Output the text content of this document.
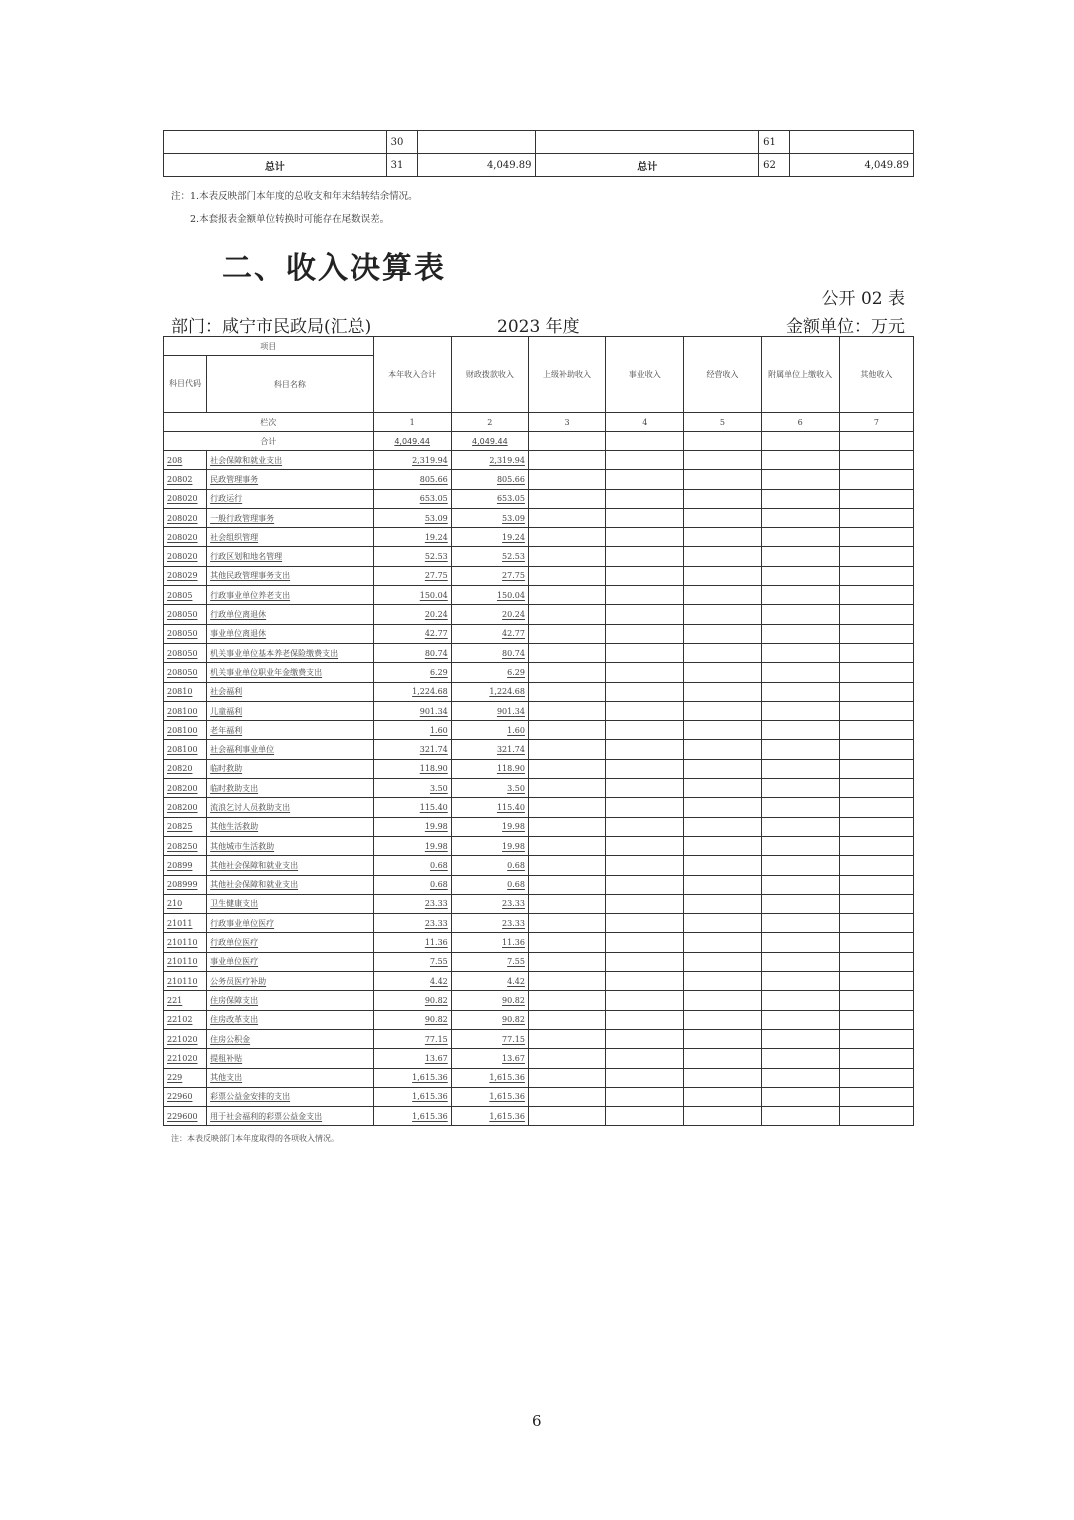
	30			61	
总计	31	4,049.89	总计	62	4,049.89
注：1.本表反映部门本年度的总收支和年末结转结余情况。
2.本套报表金额单位转换时可能存在尾数误差。
二、收入决算表
公开 02 表
部门：咸宁市民政局(汇总)	2023 年度	金额单位：万元
项目		本年收入合计	财政拨款收入	上级补助收入	事业收入	经营收入	附属单位上缴收入	其他收入
科目代码	科目名称							
栏次		1	2	3	4	5	6	7
合计		4,049.44	4,049.44					
208	社会保障和就业支出	2,319.94	2,319.94					
20802	民政管理事务	805.66	805.66					
208020	行政运行	653.05	653.05					
208020	一般行政管理事务	53.09	53.09					
208020	社会组织管理	19.24	19.24					
208020	行政区划和地名管理	52.53	52.53					
208029	其他民政管理事务支出	27.75	27.75					
20805	行政事业单位养老支出	150.04	150.04					
208050	行政单位离退休	20.24	20.24					
208050	事业单位离退休	42.77	42.77					
208050	机关事业单位基本养老保险缴费支出	80.74	80.74					
208050	机关事业单位职业年金缴费支出	6.29	6.29					
20810	社会福利	1,224.68	1,224.68					
208100	儿童福利	901.34	901.34					
208100	老年福利	1.60	1.60					
208100	社会福利事业单位	321.74	321.74					
20820	临时救助	118.90	118.90					
208200	临时救助支出	3.50	3.50					
208200	流浪乞讨人员救助支出	115.40	115.40					
20825	其他生活救助	19.98	19.98					
208250	其他城市生活救助	19.98	19.98					
20899	其他社会保障和就业支出	0.68	0.68					
208999	其他社会保障和就业支出	0.68	0.68					
210	卫生健康支出	23.33	23.33					
21011	行政事业单位医疗	23.33	23.33					
210110	行政单位医疗	11.36	11.36					
210110	事业单位医疗	7.55	7.55					
210110	公务员医疗补助	4.42	4.42					
221	住房保障支出	90.82	90.82					
22102	住房改革支出	90.82	90.82					
221020	住房公积金	77.15	77.15					
221020	提租补贴	13.67	13.67					
229	其他支出	1,615.36	1,615.36					
22960	彩票公益金安排的支出	1,615.36	1,615.36					
229600	用于社会福利的彩票公益金支出	1,615.36	1,615.36					
注：本表反映部门本年度取得的各项收入情况。
6
